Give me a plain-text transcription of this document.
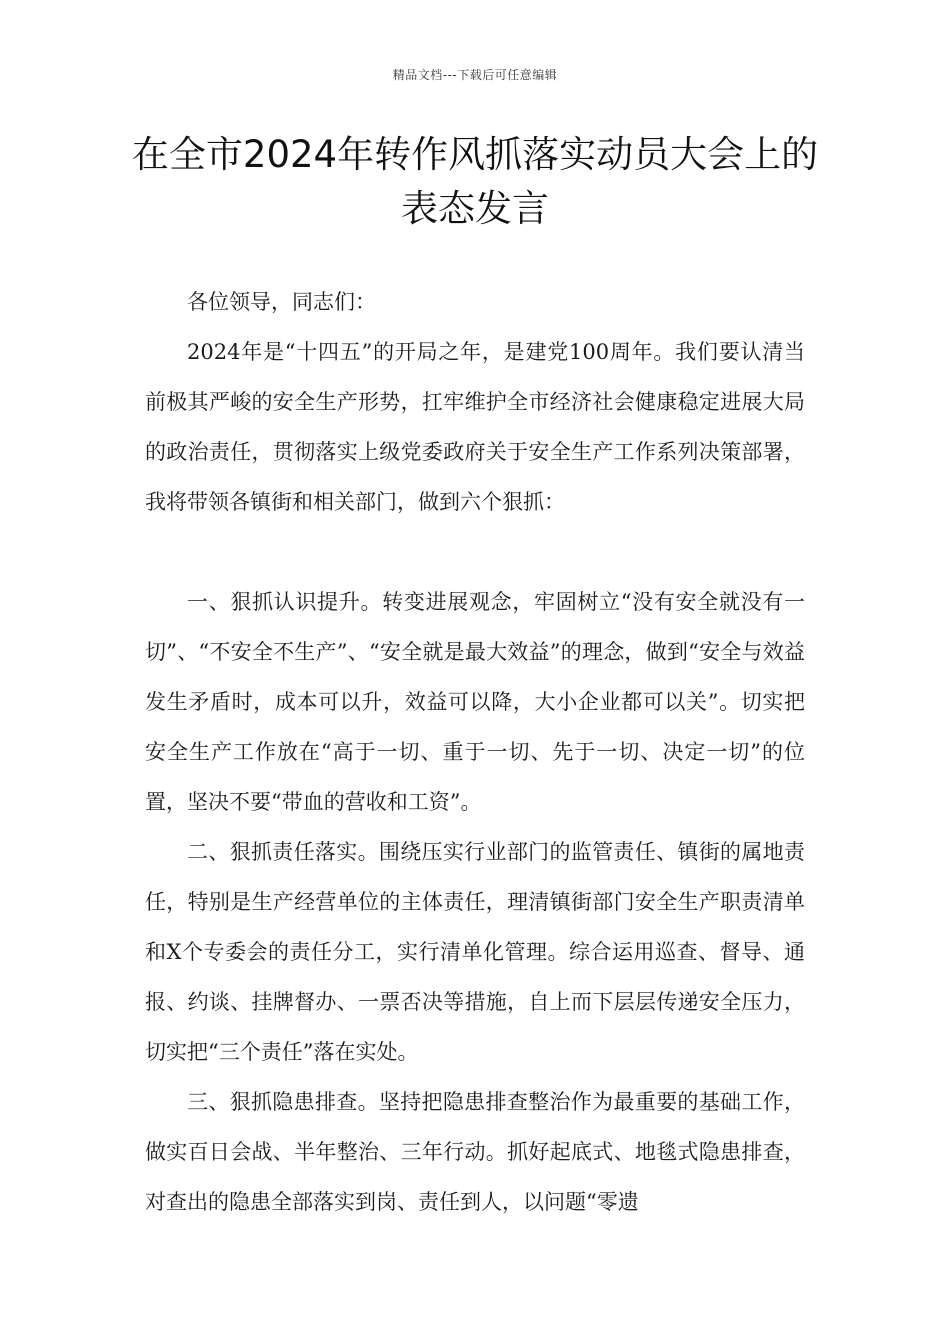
精品文档---下载后可任意编辑
在全市2024年转作风抓落实动员大会上的表态发言

各位领导，同志们：

2024年是“十四五”的开局之年，是建党100周年。我们要认清当前极其严峻的安全生产形势，扛牢维护全市经济社会健康稳定进展大局的政治责任，贯彻落实上级党委政府关于安全生产工作系列决策部署，我将带领各镇街和相关部门，做到六个狠抓：

一、狠抓认识提升。转变进展观念，牢固树立“没有安全就没有一切”、“不安全不生产”、“安全就是最大效益”的理念，做到“安全与效益发生矛盾时，成本可以升，效益可以降，大小企业都可以关”。切实把安全生产工作放在“高于一切、重于一切、先于一切、决定一切”的位置，坚决不要“带血的营收和工资”。

二、狠抓责任落实。围绕压实行业部门的监管责任、镇街的属地责任，特别是生产经营单位的主体责任，理清镇街部门安全生产职责清单和X个专委会的责任分工，实行清单化管理。综合运用巡查、督导、通报、约谈、挂牌督办、一票否决等措施，自上而下层层传递安全压力，切实把“三个责任”落在实处。

三、狠抓隐患排查。坚持把隐患排查整治作为最重要的基础工作，做实百日会战、半年整治、三年行动。抓好起底式、地毯式隐患排查，对查出的隐患全部落实到岗、责任到人，以问题“零遗
